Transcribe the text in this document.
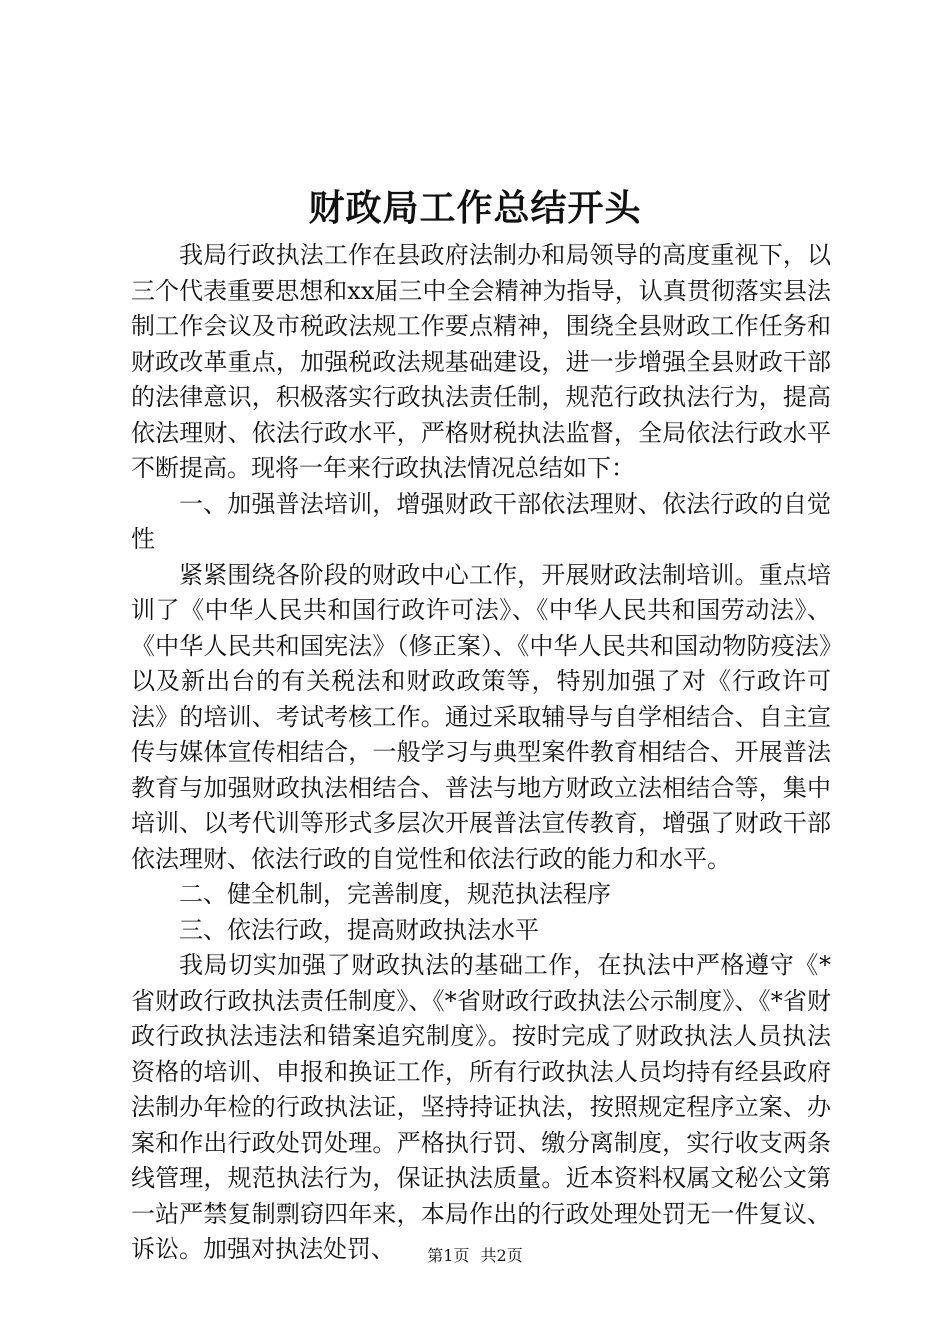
财政局工作总结开头

我局行政执法工作在县政府法制办和局领导的高度重视下，以三个代表重要思想和xx届三中全会精神为指导，认真贯彻落实县法制工作会议及市税政法规工作要点精神，围绕全县财政工作任务和财政改革重点，加强税政法规基础建设，进一步增强全县财政干部的法律意识，积极落实行政执法责任制，规范行政执法行为，提高依法理财、依法行政水平，严格财税执法监督，全局依法行政水平不断提高。现将一年来行政执法情况总结如下：

一、加强普法培训，增强财政干部依法理财、依法行政的自觉性

紧紧围绕各阶段的财政中心工作，开展财政法制培训。重点培训了《中华人民共和国行政许可法》、《中华人民共和国劳动法》、《中华人民共和国宪法》（修正案）、《中华人民共和国动物防疫法》以及新出台的有关税法和财政政策等，特别加强了对《行政许可法》的培训、考试考核工作。通过采取辅导与自学相结合、自主宣传与媒体宣传相结合，一般学习与典型案件教育相结合、开展普法教育与加强财政执法相结合、普法与地方财政立法相结合等，集中培训、以考代训等形式多层次开展普法宣传教育，增强了财政干部依法理财、依法行政的自觉性和依法行政的能力和水平。

二、健全机制，完善制度，规范执法程序

三、依法行政，提高财政执法水平

我局切实加强了财政执法的基础工作，在执法中严格遵守《*省财政行政执法责任制度》、《*省财政行政执法公示制度》、《*省财政行政执法违法和错案追究制度》。按时完成了财政执法人员执法资格的培训、申报和换证工作，所有行政执法人员均持有经县政府法制办年检的行政执法证，坚持持证执法，按照规定程序立案、办案和作出行政处罚处理。严格执行罚、缴分离制度，实行收支两条线管理，规范执法行为，保证执法质量。近本资料权属文秘公文第一站严禁复制剽窃四年来，本局作出的行政处理处罚无一件复议、诉讼。加强对执法处罚、	第1页 共2页
